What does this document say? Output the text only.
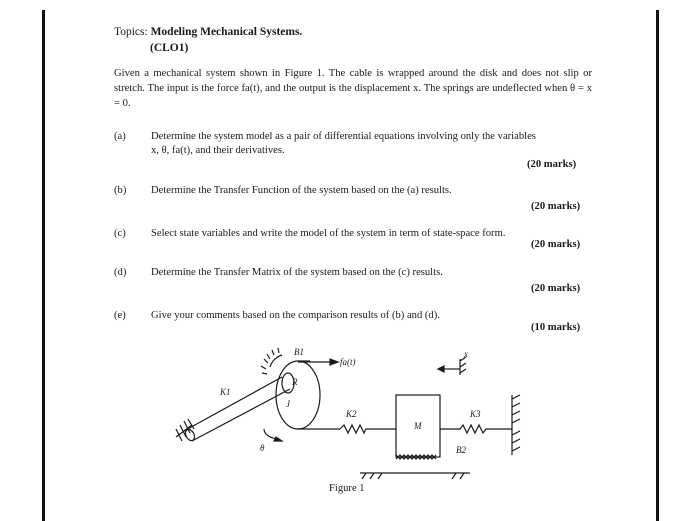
Topics: Modeling Mechanical Systems.
(CLO1)
Given a mechanical system shown in Figure 1. The cable is wrapped around the disk and does not slip or stretch. The input is the force fa(t), and the output is the displacement x. The springs are undeflected when θ = x = 0.
(a) Determine the system model as a pair of differential equations involving only the variables
x, θ, fa(t), and their derivatives.
(20 marks)
(b) Determine the Transfer Function of the system based on the (a) results.
(20 marks)
(c) Select state variables and write the model of the system in term of state-space form.
(20 marks)
(d) Determine the Transfer Matrix of the system based on the (c) results.
(20 marks)
(e) Give your comments based on the comparison results of (b) and (d).
(10 marks)
B1
fa(t)
K1
R
J
θ
K2
M
x
K3
B2
Figure 1
